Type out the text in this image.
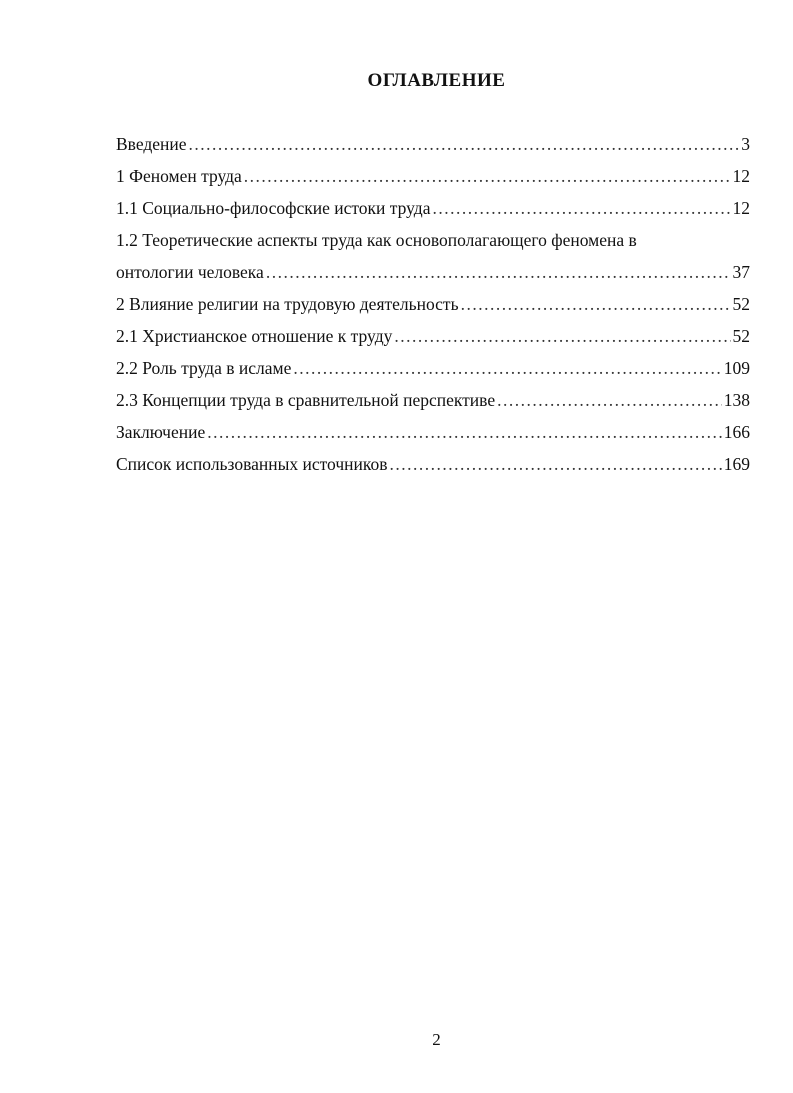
ОГЛАВЛЕНИЕ
Введение .....	3
1 Феномен труда .....	12
1.1 Социально-философские истоки труда .....	12
1.2 Теоретические аспекты труда как основополагающего феномена в
онтологии человека .....	37
2 Влияние религии на трудовую деятельность .....	52
2.1 Христианское отношение к труду .....	52
2.2 Роль труда в исламе .....	109
2.3 Концепции труда в сравнительной перспективе .....	138
Заключение .....	166
Список использованных источников .....	169
2
